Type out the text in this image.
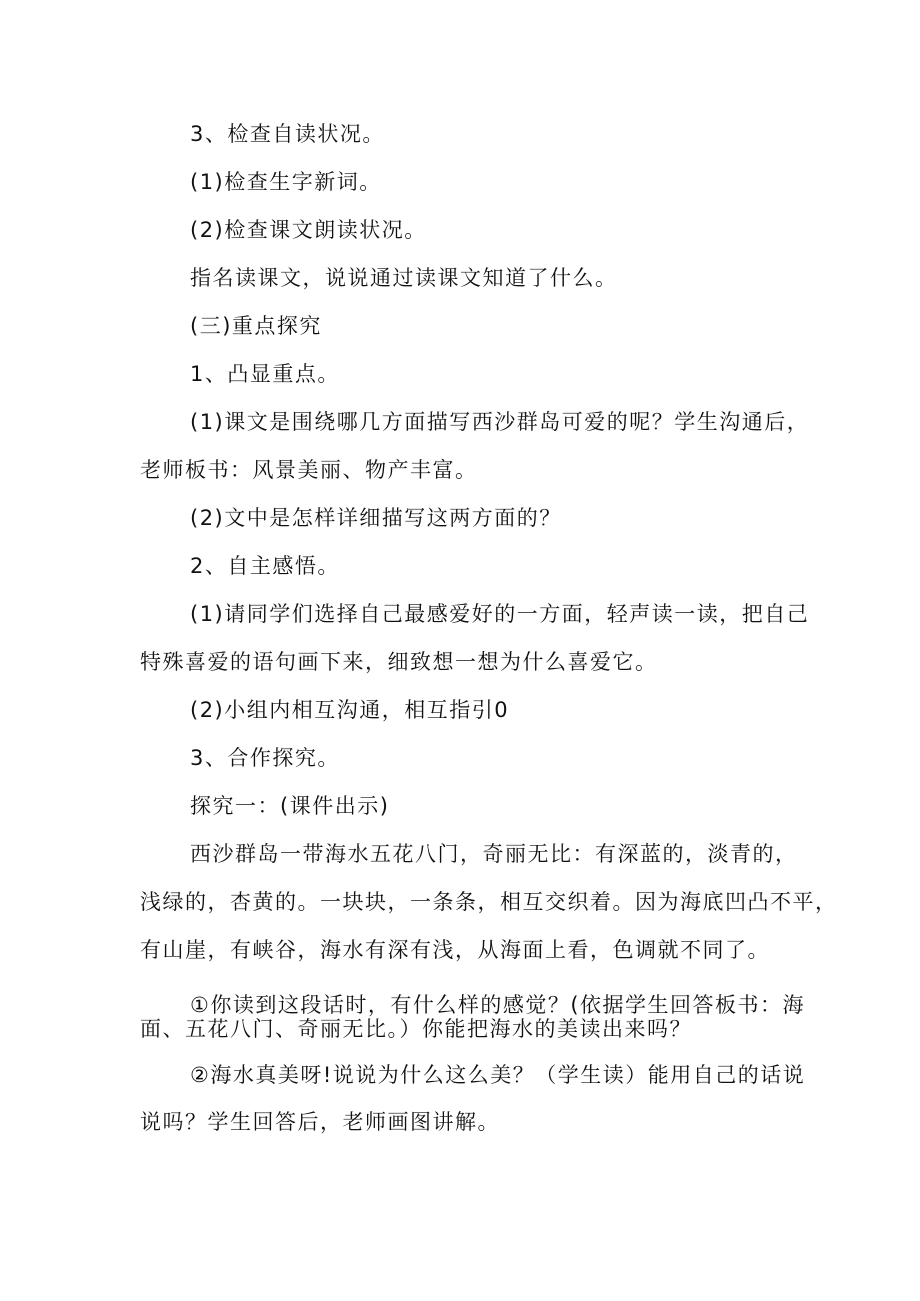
3、检查自读状况。
(1)检查生字新词。
(2)检查课文朗读状况。
指名读课文，说说通过读课文知道了什么。
(三)重点探究
1、凸显重点。
(1)课文是围绕哪几方面描写西沙群岛可爱的呢？学生沟通后，
老师板书：风景美丽、物产丰富。
(2)文中是怎样详细描写这两方面的？
2、自主感悟。
(1)请同学们选择自己最感爱好的一方面，轻声读一读，把自己
特殊喜爱的语句画下来，细致想一想为什么喜爱它。
(2)小组内相互沟通，相互指引0
3、合作探究。
探究一：(课件出示)
西沙群岛一带海水五花八门，奇丽无比：有深蓝的，淡青的，
浅绿的，杏黄的。一块块，一条条，相互交织着。因为海底凹凸不平，
有山崖，有峡谷，海水有深有浅，从海面上看，色调就不同了。
①你读到这段话时，有什么样的感觉？(依据学生回答板书：海
面、五花八门、奇丽无比。）你能把海水的美读出来吗？
②海水真美呀!说说为什么这么美？（学生读）能用自己的话说
说吗？学生回答后，老师画图讲解。
